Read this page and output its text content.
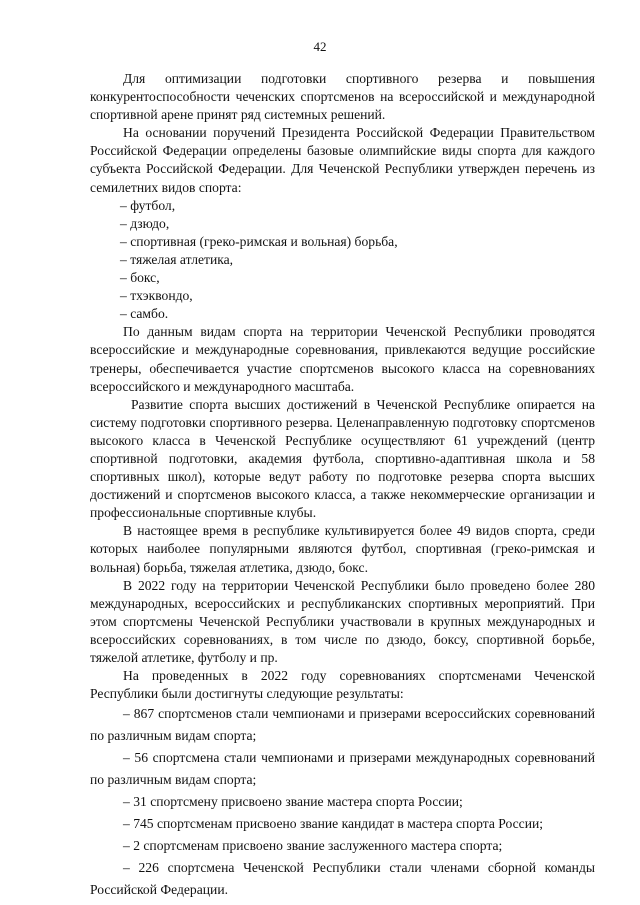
42

Для оптимизации подготовки спортивного резерва и повышения конкурентоспособности чеченских спортсменов на всероссийской и международной спортивной арене принят ряд системных решений.

На основании поручений Президента Российской Федерации Правительством Российской Федерации определены базовые олимпийские виды спорта для каждого субъекта Российской Федерации. Для Чеченской Республики утвержден перечень из семилетних видов спорта:

– футбол,

– дзюдо,

– спортивная (греко-римская и вольная) борьба,

– тяжелая атлетика,

– бокс,

– тхэквондо,

– самбо.

По данным видам спорта на территории Чеченской Республики проводятся всероссийские и международные соревнования, привлекаются ведущие российские тренеры, обеспечивается участие спортсменов высокого класса на соревнованиях всероссийского и международного масштаба.

Развитие спорта высших достижений в Чеченской Республике опирается на систему подготовки спортивного резерва. Целенаправленную подготовку спортсменов высокого класса в Чеченской Республике осуществляют 61 учреждений (центр спортивной подготовки, академия футбола, спортивно-адаптивная школа и 58 спортивных школ), которые ведут работу по подготовке резерва спорта высших достижений и спортсменов высокого класса, а также некоммерческие организации и профессиональные спортивные клубы.

В настоящее время в республике культивируется более 49 видов спорта, среди которых наиболее популярными являются футбол, спортивная (греко-римская и вольная) борьба, тяжелая атлетика, дзюдо, бокс.

В 2022 году на территории Чеченской Республики было проведено более 280 международных, всероссийских и республиканских спортивных мероприятий. При этом спортсмены Чеченской Республики участвовали в крупных международных и всероссийских соревнованиях, в том числе по дзюдо, боксу, спортивной борьбе, тяжелой атлетике, футболу и пр.

На проведенных в 2022 году соревнованиях спортсменами Чеченской Республики были достигнуты следующие результаты:

– 867 спортсменов стали чемпионами и призерами всероссийских соревнований по различным видам спорта;

– 56 спортсмена стали чемпионами и призерами международных соревнований по различным видам спорта;

– 31 спортсмену присвоено звание мастера спорта России;

– 745 спортсменам присвоено звание кандидат в мастера спорта России;

– 2 спортсменам присвоено звание заслуженного мастера спорта;

– 226 спортсмена Чеченской Республики стали членами сборной команды Российской Федерации.
